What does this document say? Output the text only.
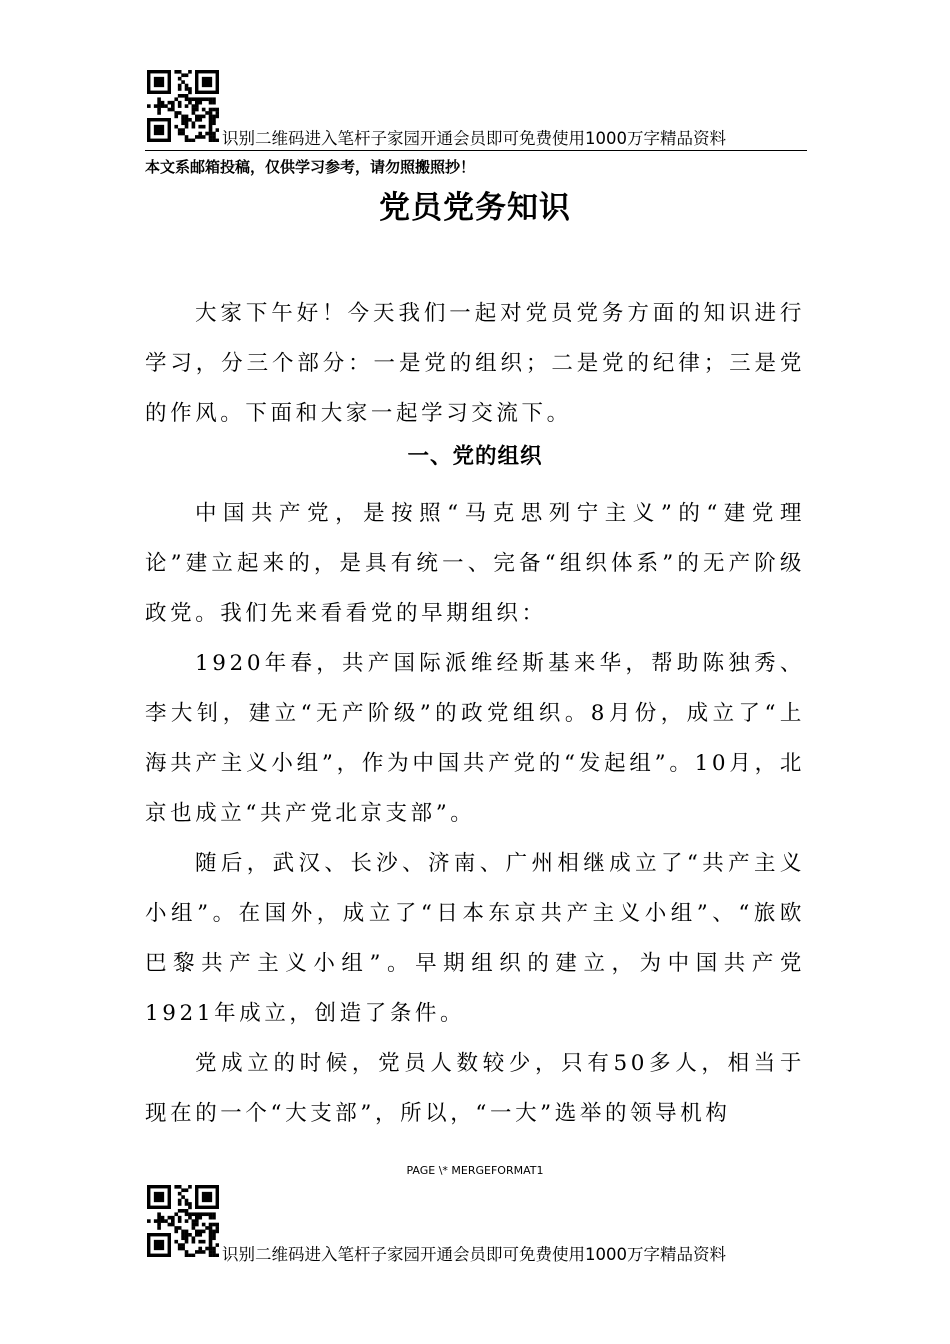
识别二维码进入笔杆子家园开通会员即可免费使用1000万字精品资料
本文系邮箱投稿，仅供学习参考，请勿照搬照抄！
党员党务知识

大家下午好！今天我们一起对党员党务方面的知识进行学习，分三个部分：一是党的组织；二是党的纪律；三是党的作风。下面和大家一起学习交流下。

一、党的组织

中国共产党，是按照“马克思列宁主义”的“建党理论”建立起来的，是具有统一、完备“组织体系”的无产阶级政党。我们先来看看党的早期组织：

1920年春，共产国际派维经斯基来华，帮助陈独秀、李大钊，建立“无产阶级”的政党组织。8月份，成立了“上海共产主义小组”，作为中国共产党的“发起组”。10月，北京也成立“共产党北京支部”。

随后，武汉、长沙、济南、广州相继成立了“共产主义小组”。在国外，成立了“日本东京共产主义小组”、“旅欧巴黎共产主义小组”。早期组织的建立，为中国共产党1921年成立，创造了条件。

党成立的时候，党员人数较少，只有50多人，相当于现在的一个“大支部”，所以，“一大”选举的领导机构

PAGE \* MERGEFORMAT1
识别二维码进入笔杆子家园开通会员即可免费使用1000万字精品资料
